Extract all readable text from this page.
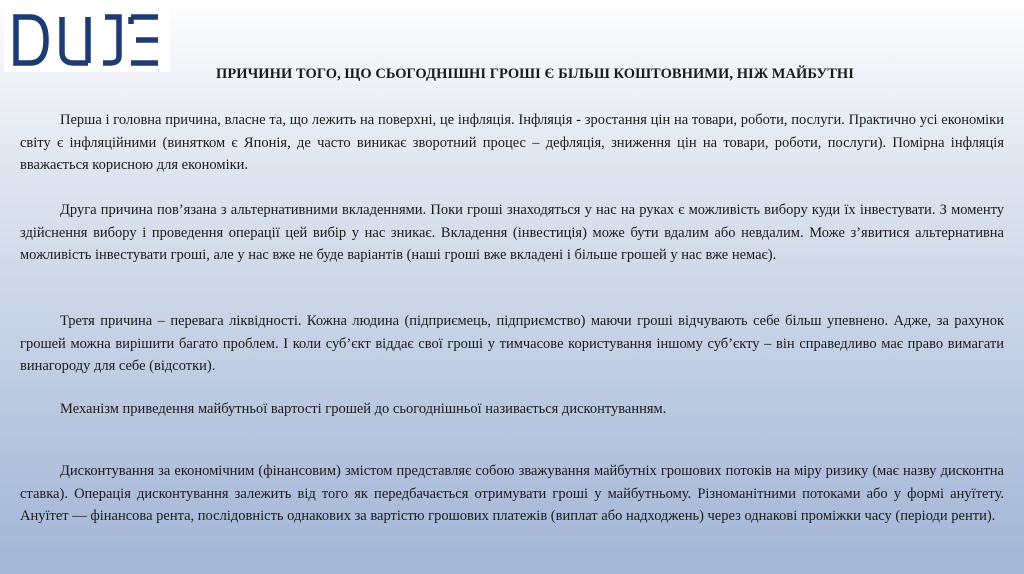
ПРИЧИНИ ТОГО, ЩО СЬОГОДНІШНІ ГРОШІ Є БІЛЬШ КОШТОВНИМИ, НІЖ МАЙБУТНІ

Перша і головна причина, власне та, що лежить на поверхні, це інфляція. Інфляція - зростання цін на товари, роботи, послуги. Практично усі економіки світу є інфляційними (винятком є Японія, де часто виникає зворотний процес – дефляція, зниження цін на товари, роботи, послуги). Помірна інфляція вважається корисною для економіки.

Друга причина пов’язана з альтернативними вкладеннями. Поки гроші знаходяться у нас на руках є можливість вибору куди їх інвестувати. З моменту здійснення вибору і проведення операції цей вибір у нас зникає. Вкладення (інвестиція) може бути вдалим або невдалим. Може з’явитися альтернативна можливість інвестувати гроші, але у нас вже не буде варіантів (наші гроші вже вкладені і більше грошей у нас вже немає).

Третя причина – перевага ліквідності. Кожна людина (підприємець, підприємство) маючи гроші відчувають себе більш упевнено. Адже, за рахунок грошей можна вирішити багато проблем. І коли суб’єкт віддає свої гроші у тимчасове користування іншому суб’єкту – він справедливо має право вимагати винагороду для себе (відсотки).

Механізм приведення майбутньої вартості грошей до сьогоднішньої називається дисконтуванням.

Дисконтування за економічним (фінансовим) змістом представляє собою зважування майбутніх грошових потоків на міру ризику (має назву дисконтна ставка). Операція дисконтування залежить від того як передбачається отримувати гроші у майбутньому. Різноманітними потоками або у формі ануїтету. Ануїтет — фінансова рента, послідовність однакових за вартістю грошових платежів (виплат або надходжень) через однакові проміжки часу (періоди ренти).
